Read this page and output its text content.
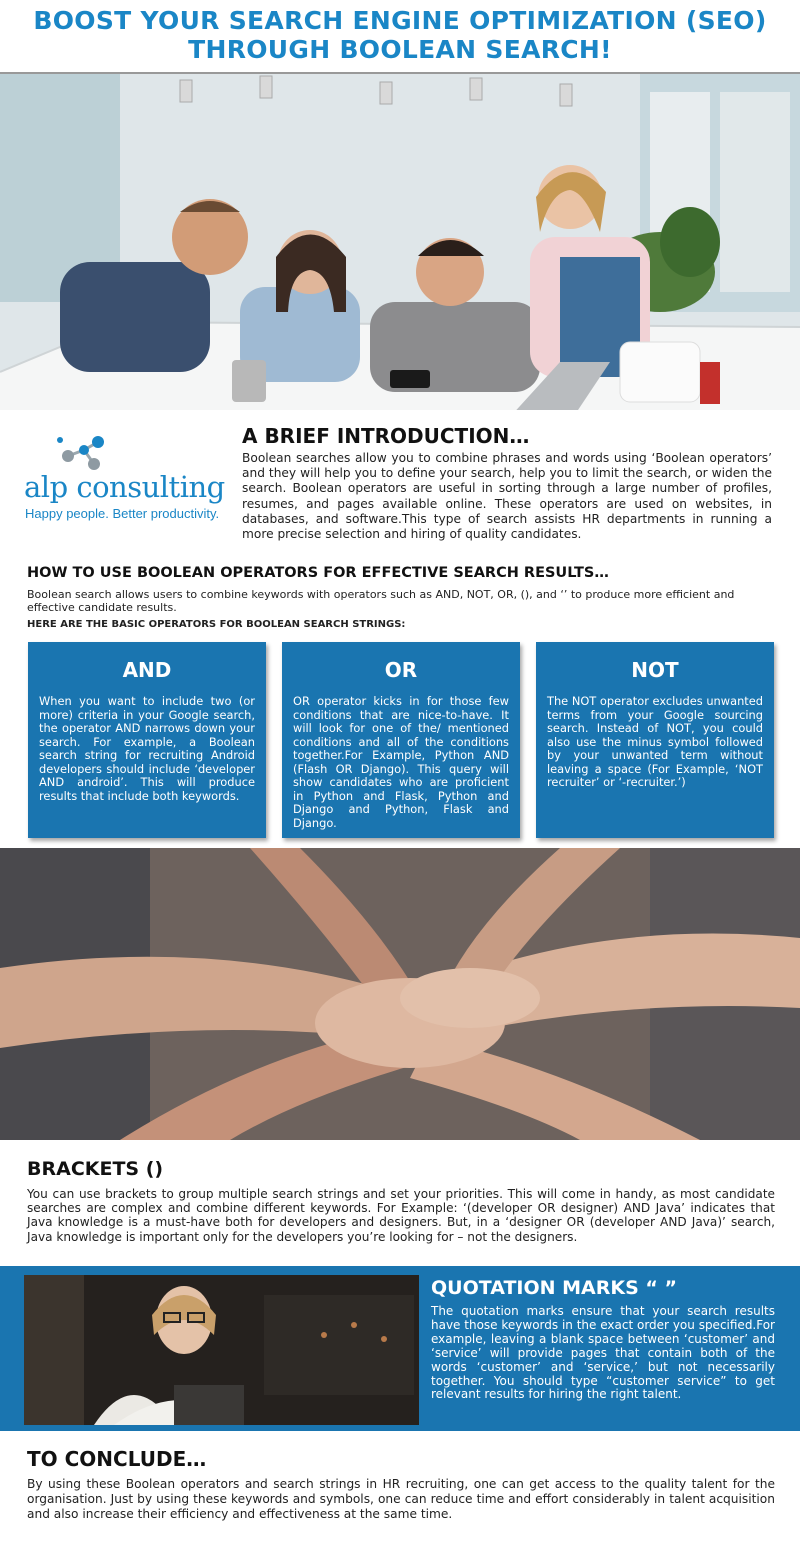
BOOST YOUR SEARCH ENGINE OPTIMIZATION (SEO)
THROUGH BOOLEAN SEARCH!
alp consulting
Happy people. Better productivity.
A BRIEF INTRODUCTION…
Boolean searches allow you to combine phrases and words using ‘Boolean operators’ and they will help you to define your search, help you to limit the search, or widen the search. Boolean operators are useful in sorting through a large number of profiles, resumes, and pages available online. These operators are used on websites, in databases, and software.This type of search assists HR departments in running a more precise selection and hiring of quality candidates.
HOW TO USE BOOLEAN OPERATORS FOR EFFECTIVE SEARCH RESULTS…
Boolean search allows users to combine keywords with operators such as AND, NOT, OR, (), and ‘’ to produce more efficient and effective candidate results.
HERE ARE THE BASIC OPERATORS FOR BOOLEAN SEARCH STRINGS:
AND
When you want to include two (or more) criteria in your Google search, the operator AND narrows down your search. For example, a Boolean search string for recruiting Android developers should include ‘developer AND android’. This will produce results that include both keywords.
OR
OR operator kicks in for those few conditions that are nice-to-have. It will look for one of the/ mentioned conditions and all of the conditions together.For Example, Python AND (Flash OR Django). This query will show candidates who are proficient in Python and Flask, Python and Django and Python, Flask and Django.
NOT
The NOT operator excludes unwanted terms from your Google sourcing search. Instead of NOT, you could also use the minus symbol followed by your unwanted term without leaving a space (For Example, ‘NOT recruiter’ or ‘-recruiter.’)
BRACKETS ()
You can use brackets to group multiple search strings and set your priorities. This will come in handy, as most candidate searches are complex and combine different keywords. For Example: ‘(developer OR designer) AND Java’ indicates that Java knowledge is a must-have both for developers and designers. But, in a ‘designer OR (developer AND Java)’ search, Java knowledge is important only for the developers you’re looking for – not the designers.
QUOTATION MARKS “ ”
The quotation marks ensure that your search results have those keywords in the exact order you specified.For example, leaving a blank space between ‘customer’ and ‘service’ will provide pages that contain both of the words ‘customer’ and ‘service,’ but not necessarily together. You should type “customer service” to get relevant results for hiring the right talent.
TO CONCLUDE…
By using these Boolean operators and search strings in HR recruiting, one can get access to the quality talent for the organisation. Just by using these keywords and symbols, one can reduce time and effort considerably in talent acquisition and also increase their efficiency and effectiveness at the same time.
